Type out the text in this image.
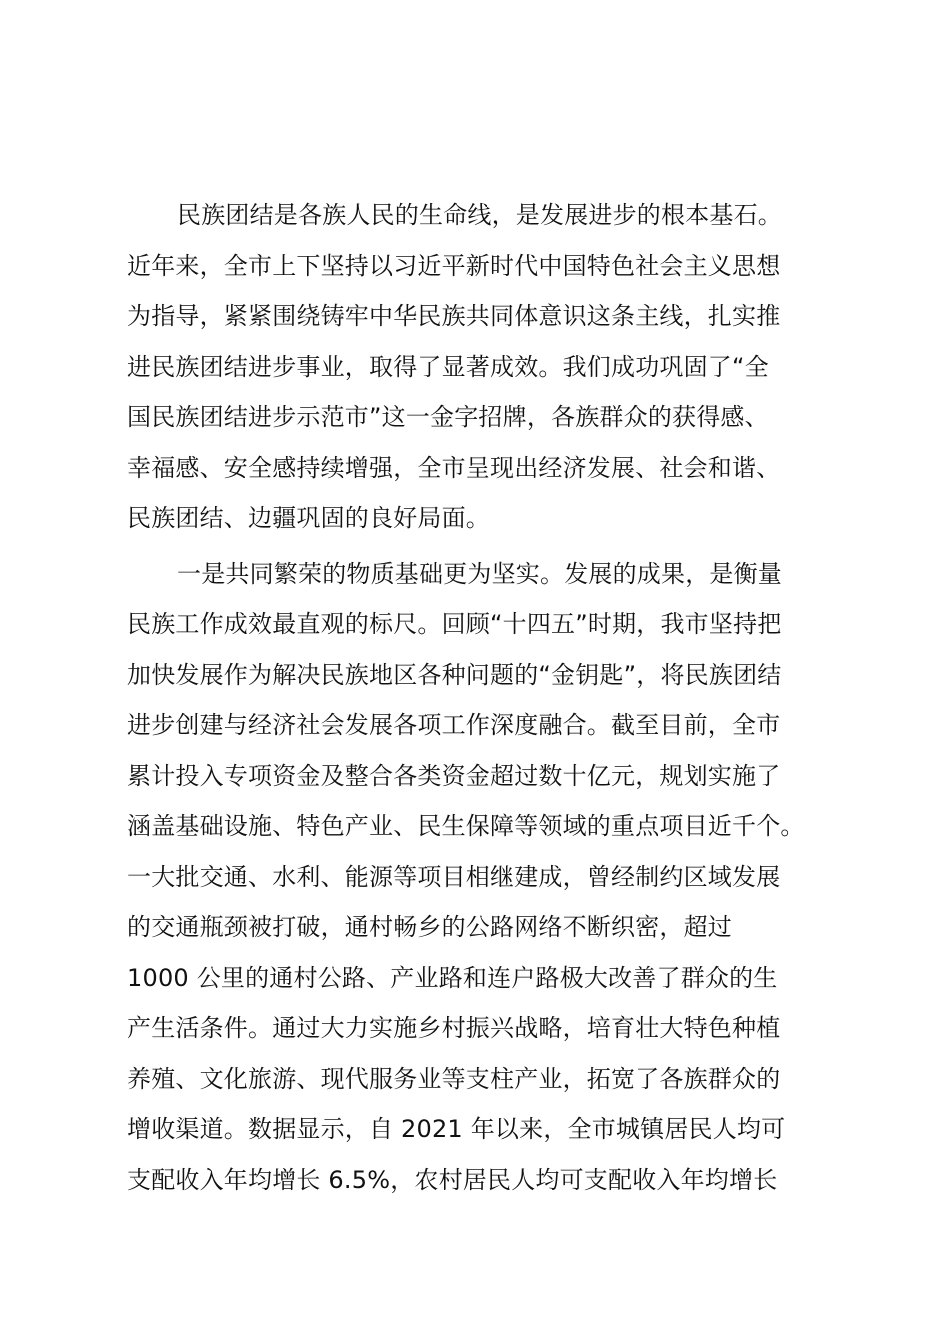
民族团结是各族人民的生命线，是发展进步的根本基石。
近年来，全市上下坚持以习近平新时代中国特色社会主义思想
为指导，紧紧围绕铸牢中华民族共同体意识这条主线，扎实推
进民族团结进步事业，取得了显著成效。我们成功巩固了“全
国民族团结进步示范市”这一金字招牌，各族群众的获得感、
幸福感、安全感持续增强，全市呈现出经济发展、社会和谐、
民族团结、边疆巩固的良好局面。
一是共同繁荣的物质基础更为坚实。发展的成果，是衡量
民族工作成效最直观的标尺。回顾“十四五”时期，我市坚持把
加快发展作为解决民族地区各种问题的“金钥匙”，将民族团结
进步创建与经济社会发展各项工作深度融合。截至目前，全市
累计投入专项资金及整合各类资金超过数十亿元，规划实施了
涵盖基础设施、特色产业、民生保障等领域的重点项目近千个。
一大批交通、水利、能源等项目相继建成，曾经制约区域发展
的交通瓶颈被打破，通村畅乡的公路网络不断织密，超过
1000 公里的通村公路、产业路和连户路极大改善了群众的生
产生活条件。通过大力实施乡村振兴战略，培育壮大特色种植
养殖、文化旅游、现代服务业等支柱产业，拓宽了各族群众的
增收渠道。数据显示，自 2021 年以来，全市城镇居民人均可
支配收入年均增长 6.5%，农村居民人均可支配收入年均增长
